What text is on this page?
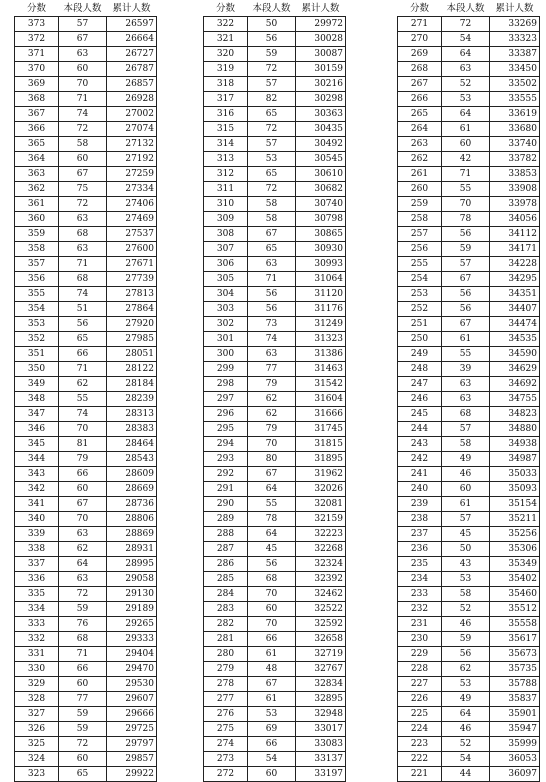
分数	本段人数	累计人数
373	57	26597
372	67	26664
371	63	26727
370	60	26787
369	70	26857
368	71	26928
367	74	27002
366	72	27074
365	58	27132
364	60	27192
363	67	27259
362	75	27334
361	72	27406
360	63	27469
359	68	27537
358	63	27600
357	71	27671
356	68	27739
355	74	27813
354	51	27864
353	56	27920
352	65	27985
351	66	28051
350	71	28122
349	62	28184
348	55	28239
347	74	28313
346	70	28383
345	81	28464
344	79	28543
343	66	28609
342	60	28669
341	67	28736
340	70	28806
339	63	28869
338	62	28931
337	64	28995
336	63	29058
335	72	29130
334	59	29189
333	76	29265
332	68	29333
331	71	29404
330	66	29470
329	60	29530
328	77	29607
327	59	29666
326	59	29725
325	72	29797
324	60	29857
323	65	29922
分数	本段人数	累计人数
322	50	29972
321	56	30028
320	59	30087
319	72	30159
318	57	30216
317	82	30298
316	65	30363
315	72	30435
314	57	30492
313	53	30545
312	65	30610
311	72	30682
310	58	30740
309	58	30798
308	67	30865
307	65	30930
306	63	30993
305	71	31064
304	56	31120
303	56	31176
302	73	31249
301	74	31323
300	63	31386
299	77	31463
298	79	31542
297	62	31604
296	62	31666
295	79	31745
294	70	31815
293	80	31895
292	67	31962
291	64	32026
290	55	32081
289	78	32159
288	64	32223
287	45	32268
286	56	32324
285	68	32392
284	70	32462
283	60	32522
282	70	32592
281	66	32658
280	61	32719
279	48	32767
278	67	32834
277	61	32895
276	53	32948
275	69	33017
274	66	33083
273	54	33137
272	60	33197
分数	本段人数	累计人数
271	72	33269
270	54	33323
269	64	33387
268	63	33450
267	52	33502
266	53	33555
265	64	33619
264	61	33680
263	60	33740
262	42	33782
261	71	33853
260	55	33908
259	70	33978
258	78	34056
257	56	34112
256	59	34171
255	57	34228
254	67	34295
253	56	34351
252	56	34407
251	67	34474
250	61	34535
249	55	34590
248	39	34629
247	63	34692
246	63	34755
245	68	34823
244	57	34880
243	58	34938
242	49	34987
241	46	35033
240	60	35093
239	61	35154
238	57	35211
237	45	35256
236	50	35306
235	43	35349
234	53	35402
233	58	35460
232	52	35512
231	46	35558
230	59	35617
229	56	35673
228	62	35735
227	53	35788
226	49	35837
225	64	35901
224	46	35947
223	52	35999
222	54	36053
221	44	36097
